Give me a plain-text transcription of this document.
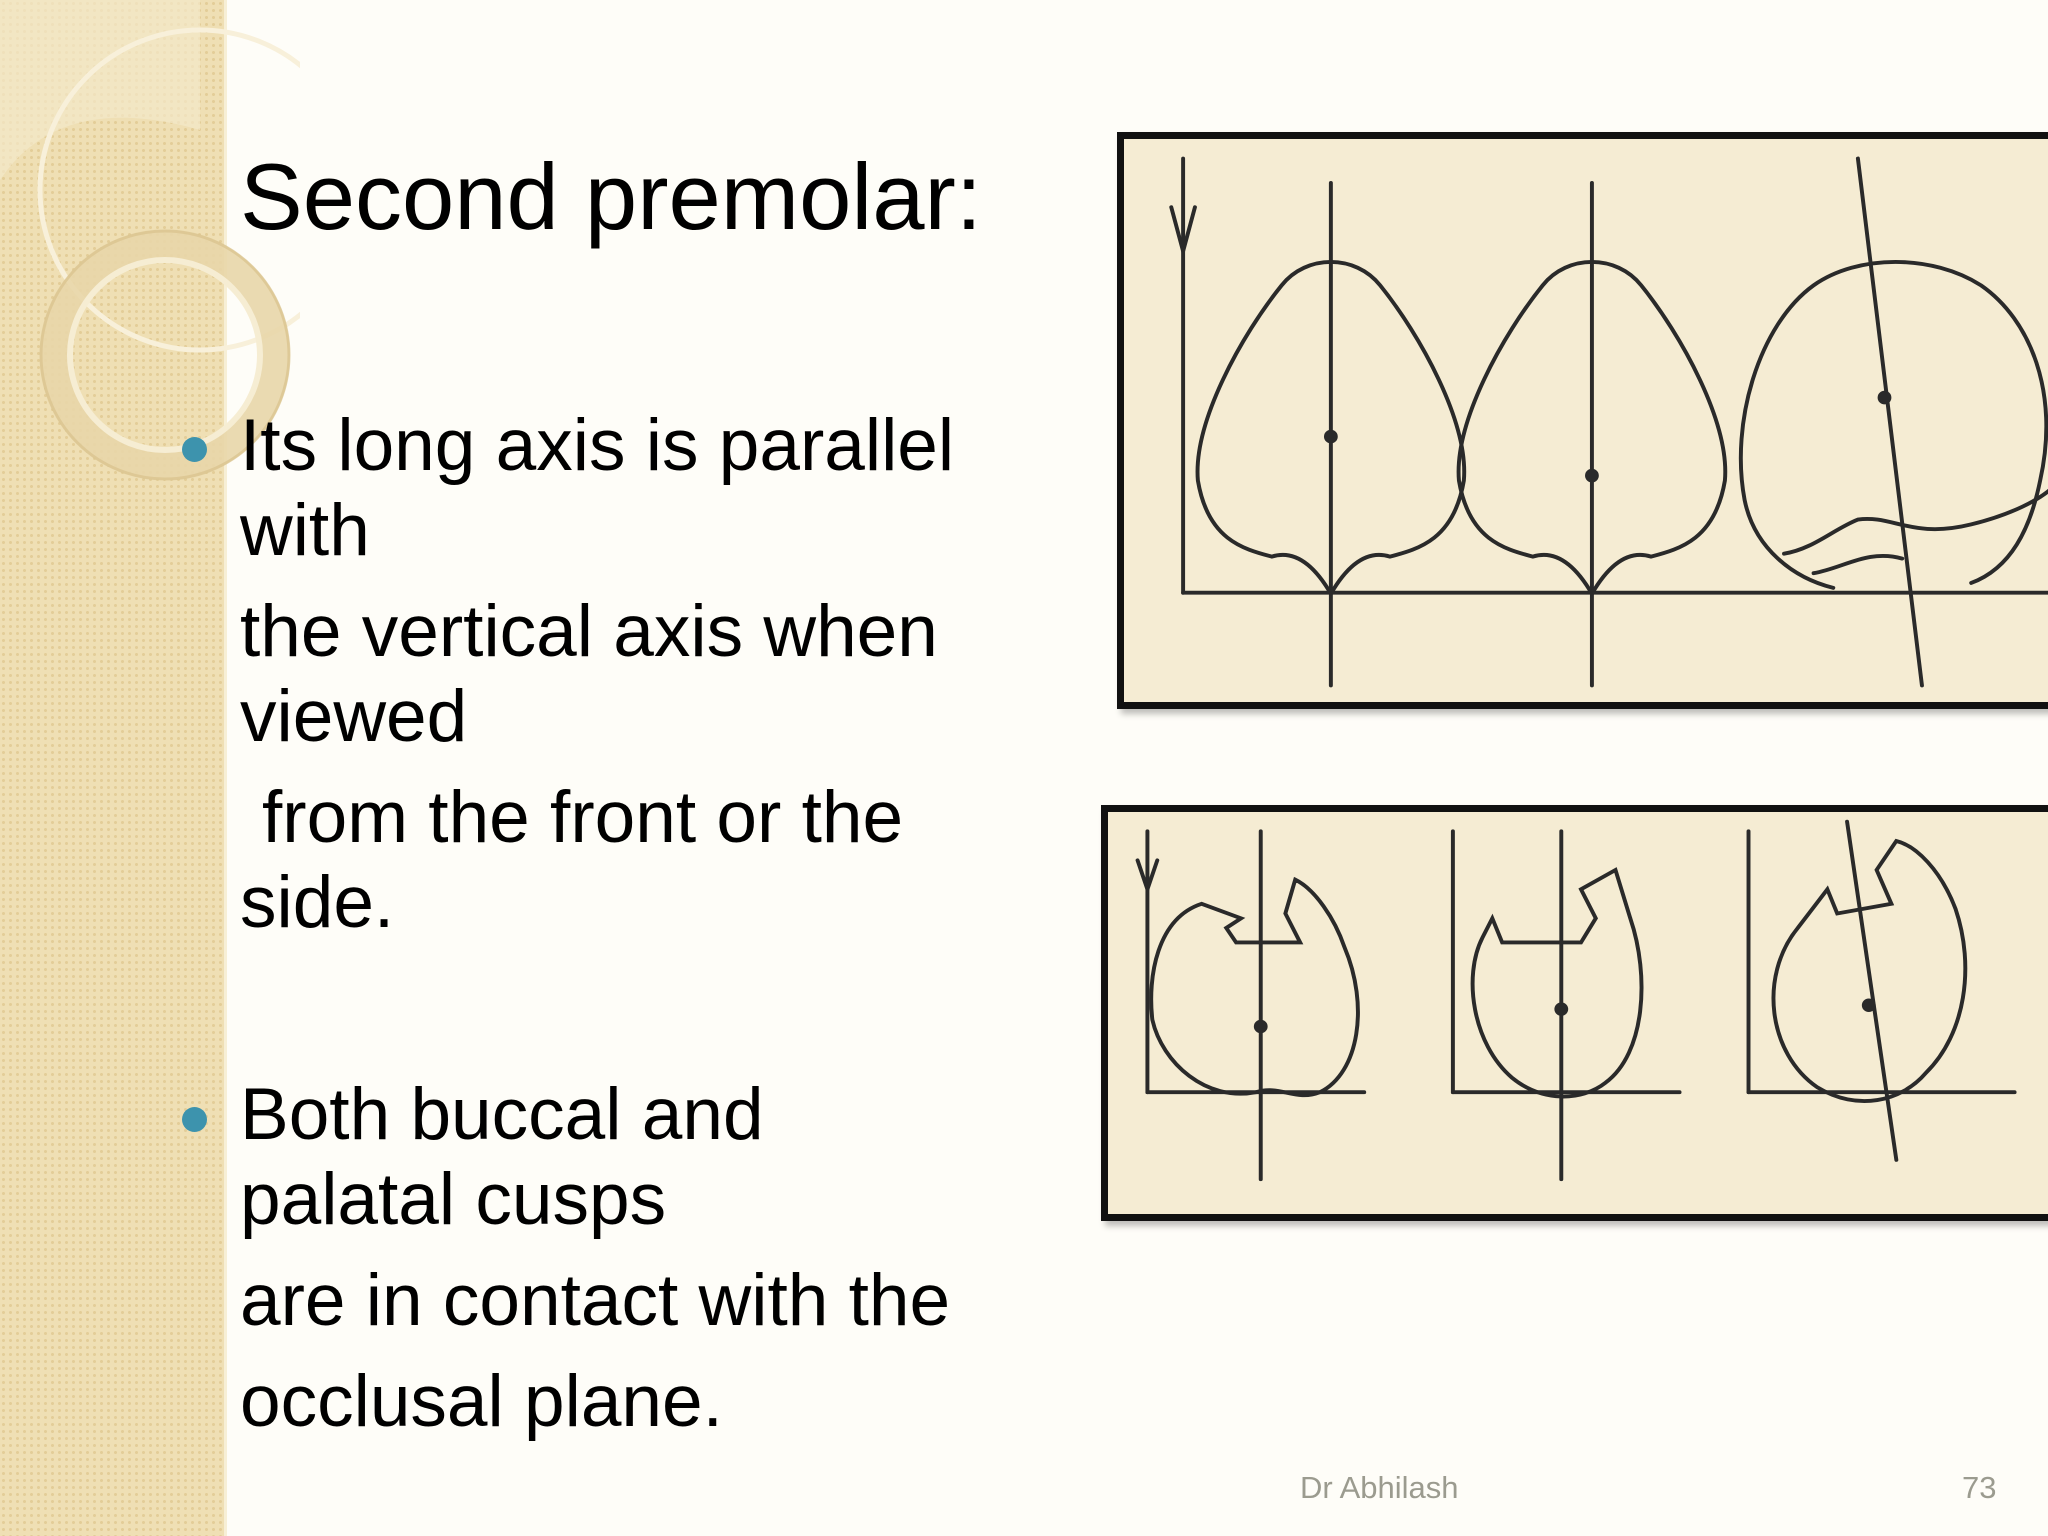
Second premolar:

Its long axis is parallel

with

the vertical axis when

viewed

from the front or the

side.

Both buccal and

palatal cusps

are in contact with the

occlusal plane.

Dr Abhilash	73
